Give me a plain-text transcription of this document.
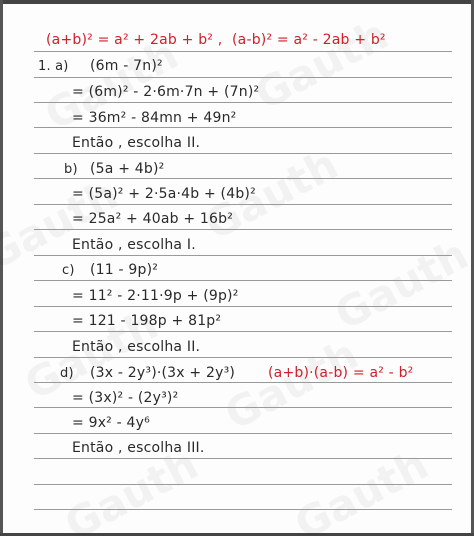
(a+b)² = a² + 2ab + b² , (a-b)² = a² - 2ab + b²
1. a) (6m - 7n)²
= (6m)² - 2·6m·7n + (7n)²
= 36m² - 84mn + 49n²
Então , escolha II.
b) (5a + 4b)²
= (5a)² + 2·5a·4b + (4b)²
= 25a² + 40ab + 16b²
Então , escolha I.
c) (11 - 9p)²
= 11² - 2·11·9p + (9p)²
= 121 - 198p + 81p²
Então , escolha II.
d) (3x - 2y³)·(3x + 2y³) (a+b)·(a-b) = a² - b²
= (3x)² - (2y³)²
= 9x² - 4y⁶
Então , escolha III.
